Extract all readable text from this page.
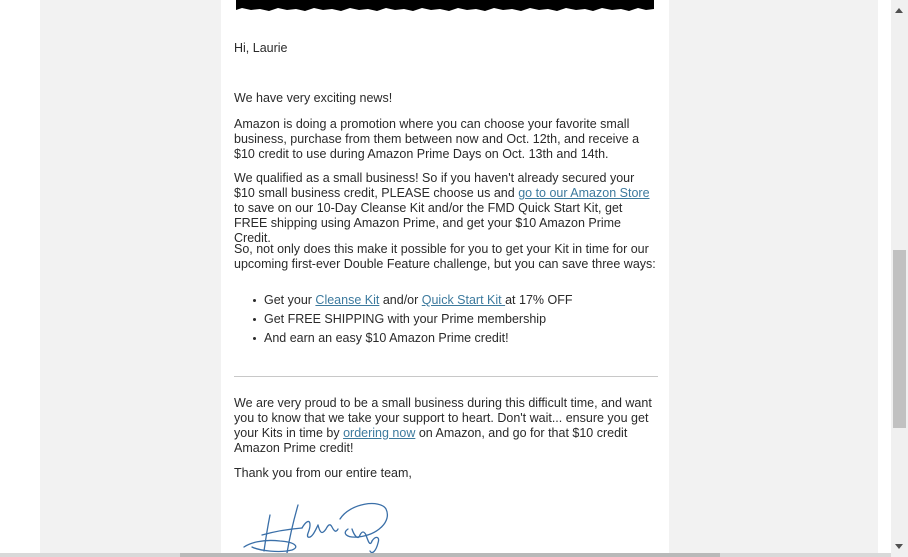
Hi, Laurie

We have very exciting news!

Amazon is doing a promotion where you can choose your favorite small business, purchase from them between now and Oct. 12th, and receive a $10 credit to use during Amazon Prime Days on Oct. 13th and 14th.

We qualified as a small business! So if you haven't already secured your $10 small business credit, PLEASE choose us and go to our Amazon Store to save on our 10-Day Cleanse Kit and/or the FMD Quick Start Kit, get FREE shipping using Amazon Prime, and get your $10 Amazon Prime Credit.

So, not only does this make it possible for you to get your Kit in time for our upcoming first-ever Double Feature challenge, but you can save three ways:

Get your Cleanse Kit and/or Quick Start Kit at 17% OFF
Get FREE SHIPPING with your Prime membership
And earn an easy $10 Amazon Prime credit!

We are very proud to be a small business during this difficult time, and want you to know that we take your support to heart. Don't wait... ensure you get your Kits in time by ordering now on Amazon, and go for that $10 credit Amazon Prime credit!

Thank you from our entire team,
